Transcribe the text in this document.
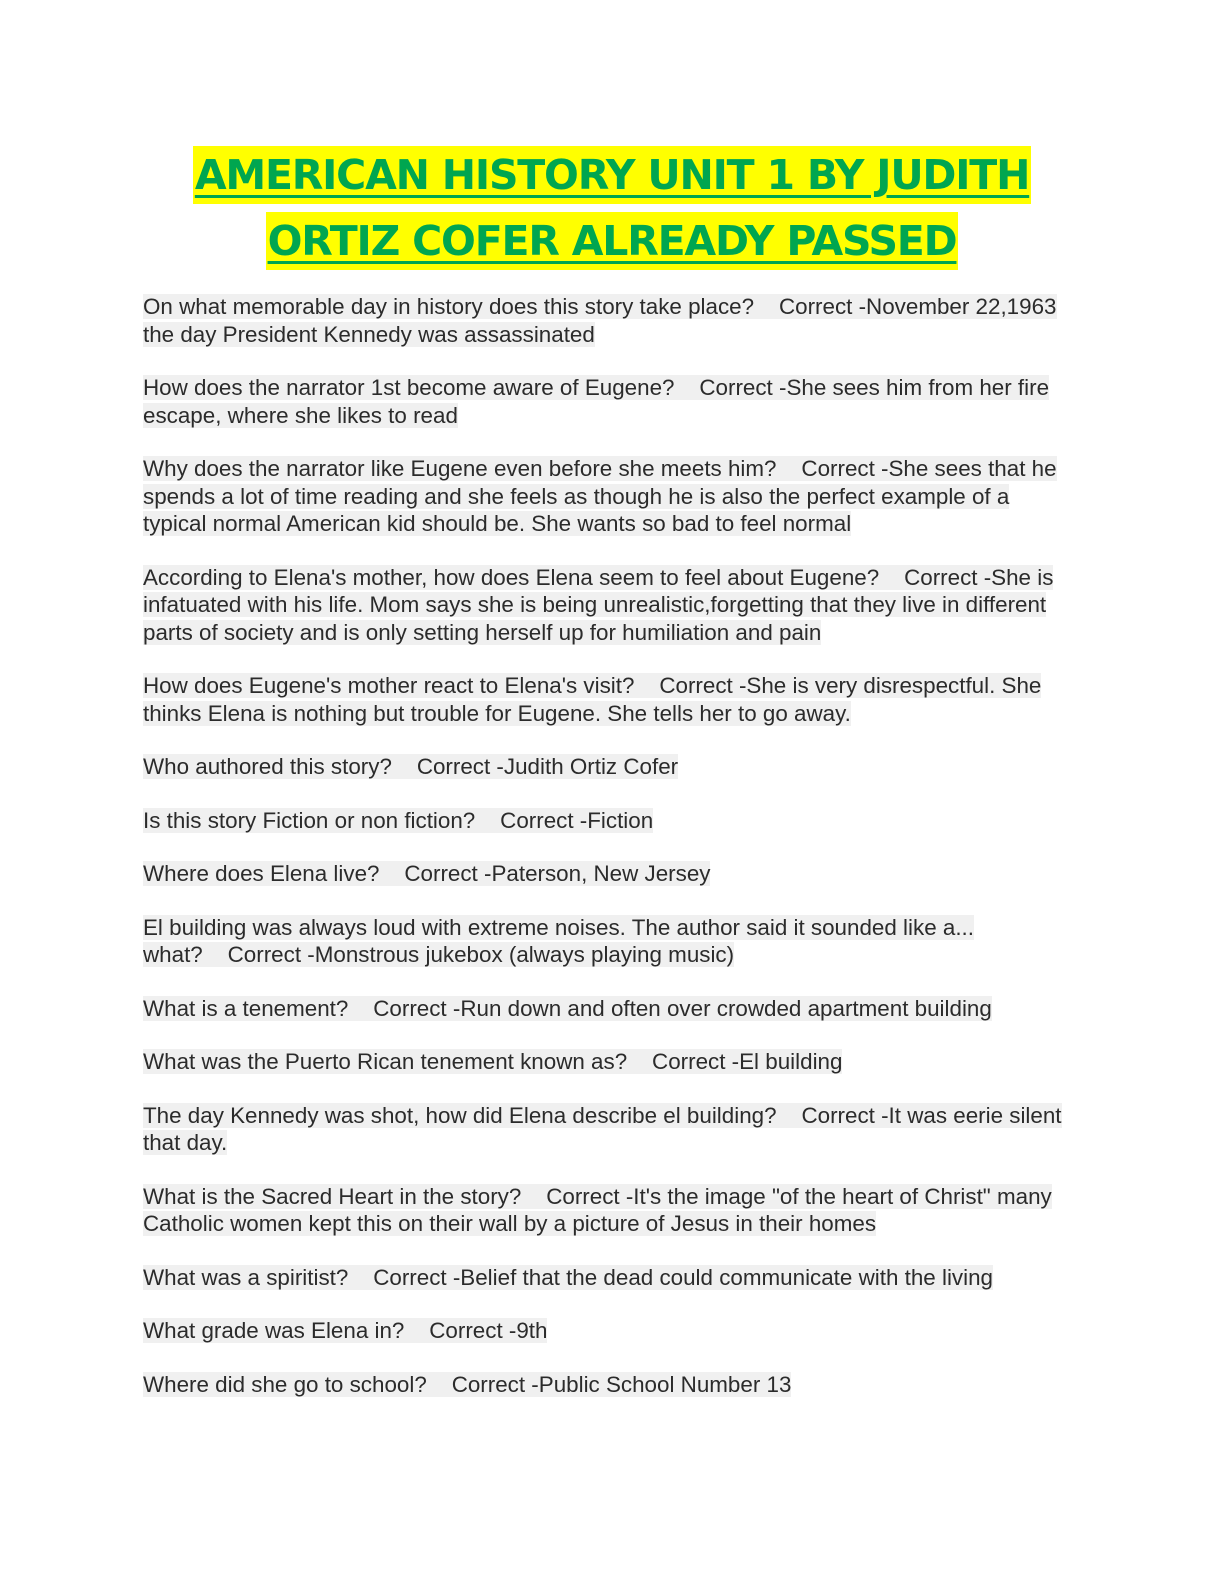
AMERICAN HISTORY UNIT 1 BY JUDITH
ORTIZ COFER ALREADY PASSED

On what memorable day in history does this story take place? Correct -November 22,1963 the day President Kennedy was assassinated

How does the narrator 1st become aware of Eugene? Correct -She sees him from her fire escape, where she likes to read

Why does the narrator like Eugene even before she meets him? Correct -She sees that he spends a lot of time reading and she feels as though he is also the perfect example of a typical normal American kid should be. She wants so bad to feel normal

According to Elena's mother, how does Elena seem to feel about Eugene? Correct -She is infatuated with his life. Mom says she is being unrealistic,forgetting that they live in different parts of society and is only setting herself up for humiliation and pain

How does Eugene's mother react to Elena's visit? Correct -She is very disrespectful. She thinks Elena is nothing but trouble for Eugene. She tells her to go away.

Who authored this story? Correct -Judith Ortiz Cofer

Is this story Fiction or non fiction? Correct -Fiction

Where does Elena live? Correct -Paterson, New Jersey

El building was always loud with extreme noises. The author said it sounded like a... what? Correct -Monstrous jukebox (always playing music)

What is a tenement? Correct -Run down and often over crowded apartment building

What was the Puerto Rican tenement known as? Correct -El building

The day Kennedy was shot, how did Elena describe el building? Correct -It was eerie silent that day.

What is the Sacred Heart in the story? Correct -It's the image "of the heart of Christ" many Catholic women kept this on their wall by a picture of Jesus in their homes

What was a spiritist? Correct -Belief that the dead could communicate with the living

What grade was Elena in? Correct -9th

Where did she go to school? Correct -Public School Number 13
